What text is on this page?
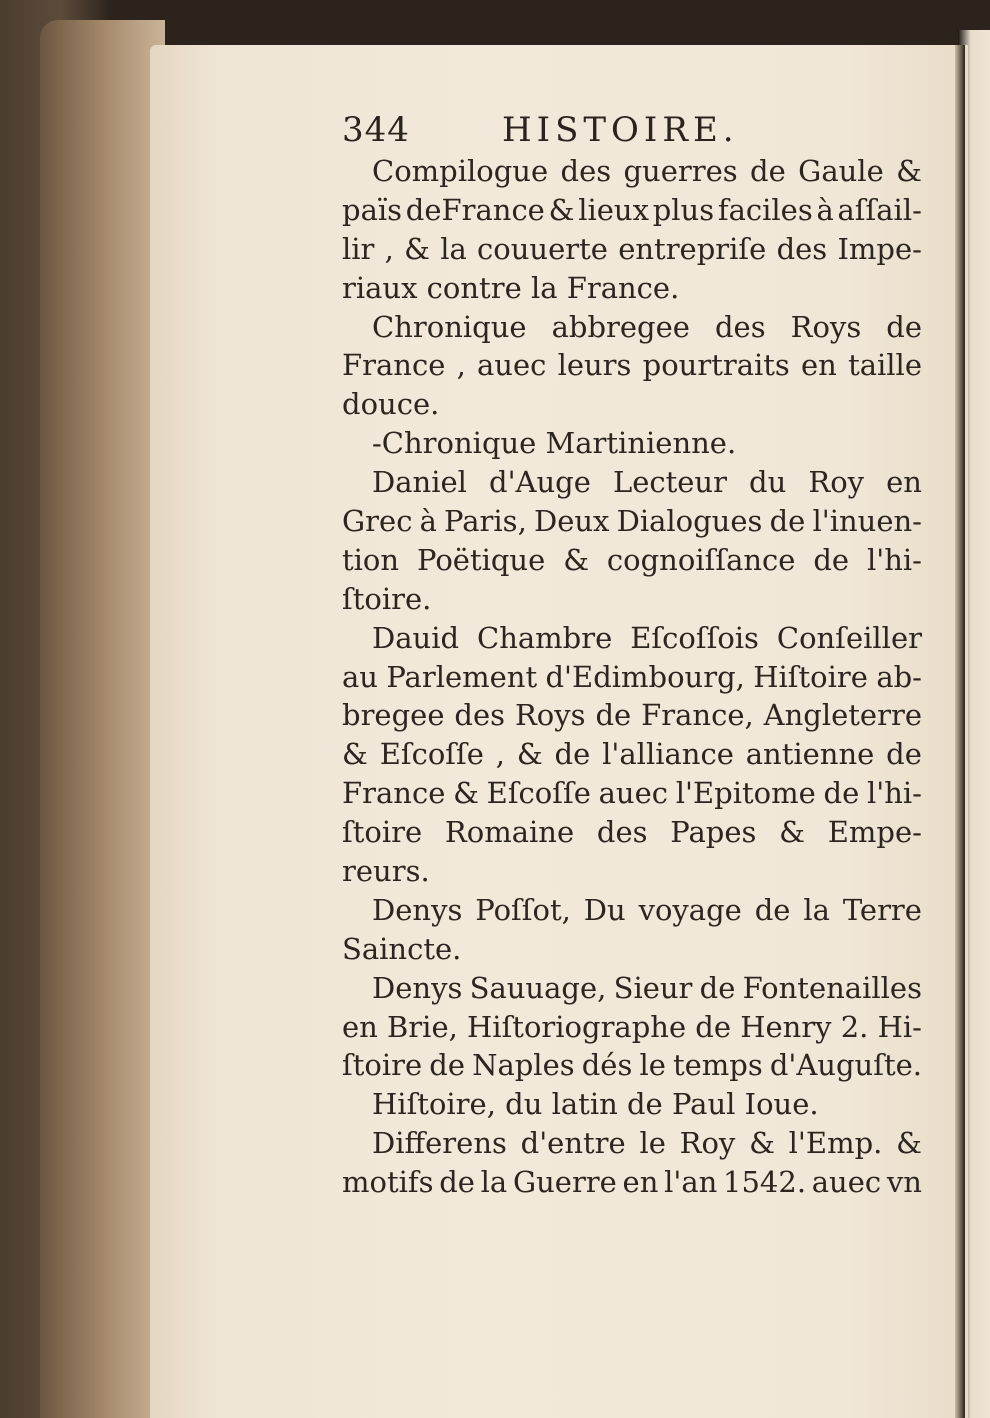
344	HISTOIRE.
Compilogue des guerres de Gaule &
païs deFrance & lieux plus faciles à aſſail-
lir , & la couuerte entrepriſe des Impe-
riaux contre la France.
Chronique abbregee des Roys de
France , auec leurs pourtraits en taille
douce.
-Chronique Martinienne.
Daniel d'Auge Lecteur du Roy en
Grec à Paris, Deux Dialogues de l'inuen-
tion Poëtique & cognoiſſance de l'hi-
ſtoire.
Dauid Chambre Eſcoſſois Conſeiller
au Parlement d'Edimbourg, Hiſtoire ab-
bregee des Roys de France, Angleterre
& Eſcoſſe , & de l'alliance antienne de
France & Eſcoſſe auec l'Epitome de l'hi-
ſtoire Romaine des Papes & Empe-
reurs.
Denys Poſſot, Du voyage de la Terre
Saincte.
Denys Sauuage, Sieur de Fontenailles
en Brie, Hiſtoriographe de Henry 2. Hi-
ſtoire de Naples dés le temps d'Auguſte.
Hiſtoire, du latin de Paul Ioue.
Differens d'entre le Roy & l'Emp. &
motifs de la Guerre en l'an 1542. auec vn
